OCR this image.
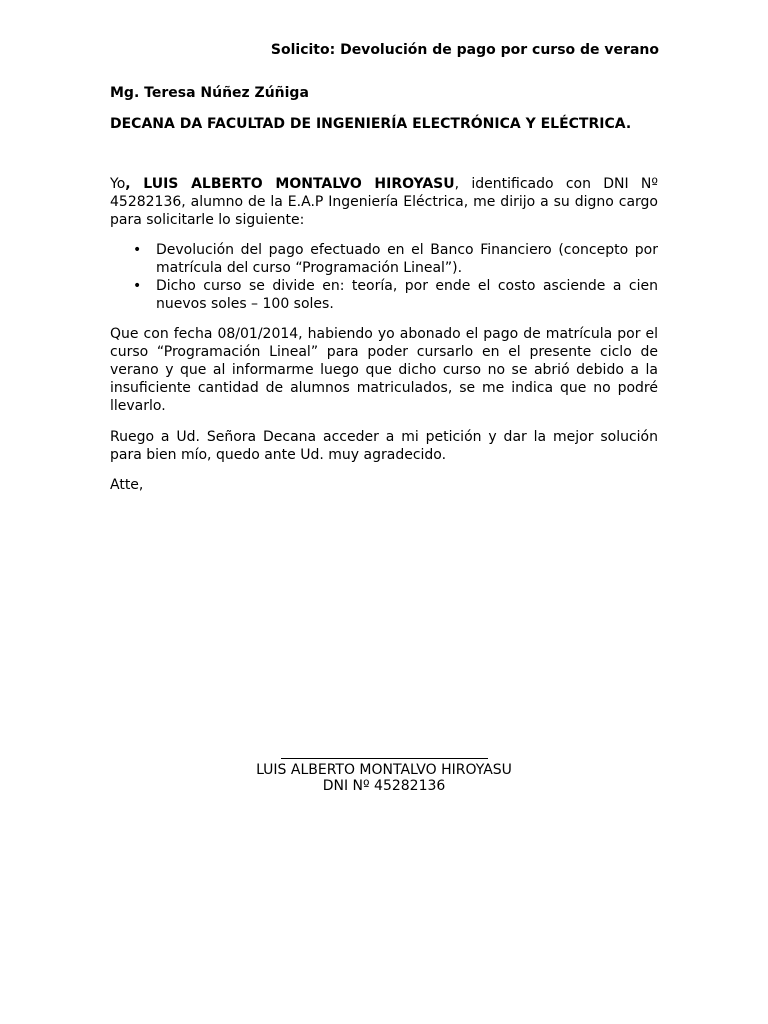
Solicito: Devolución de pago por curso de verano
Mg. Teresa Núñez Zúñiga
DECANA DA FACULTAD DE INGENIERÍA ELECTRÓNICA Y ELÉCTRICA.
Yo, LUIS ALBERTO MONTALVO HIROYASU, identificado con DNI Nº 45282136, alumno de la E.A.P Ingeniería Eléctrica, me dirijo a su digno cargo para solicitarle lo siguiente:
• Devolución del pago efectuado en el Banco Financiero (concepto por matrícula del curso “Programación Lineal”).
• Dicho curso se divide en: teoría, por ende el costo asciende a cien nuevos soles – 100 soles.
Que con fecha 08/01/2014, habiendo yo abonado el pago de matrícula por el curso “Programación Lineal” para poder cursarlo en el presente ciclo de verano y que al informarme luego que dicho curso no se abrió debido a la insuficiente cantidad de alumnos matriculados, se me indica que no podré llevarlo.
Ruego a Ud. Señora Decana acceder a mi petición y dar la mejor solución para bien mío, quedo ante Ud. muy agradecido.
Atte,
LUIS ALBERTO MONTALVO HIROYASU
DNI Nº 45282136
